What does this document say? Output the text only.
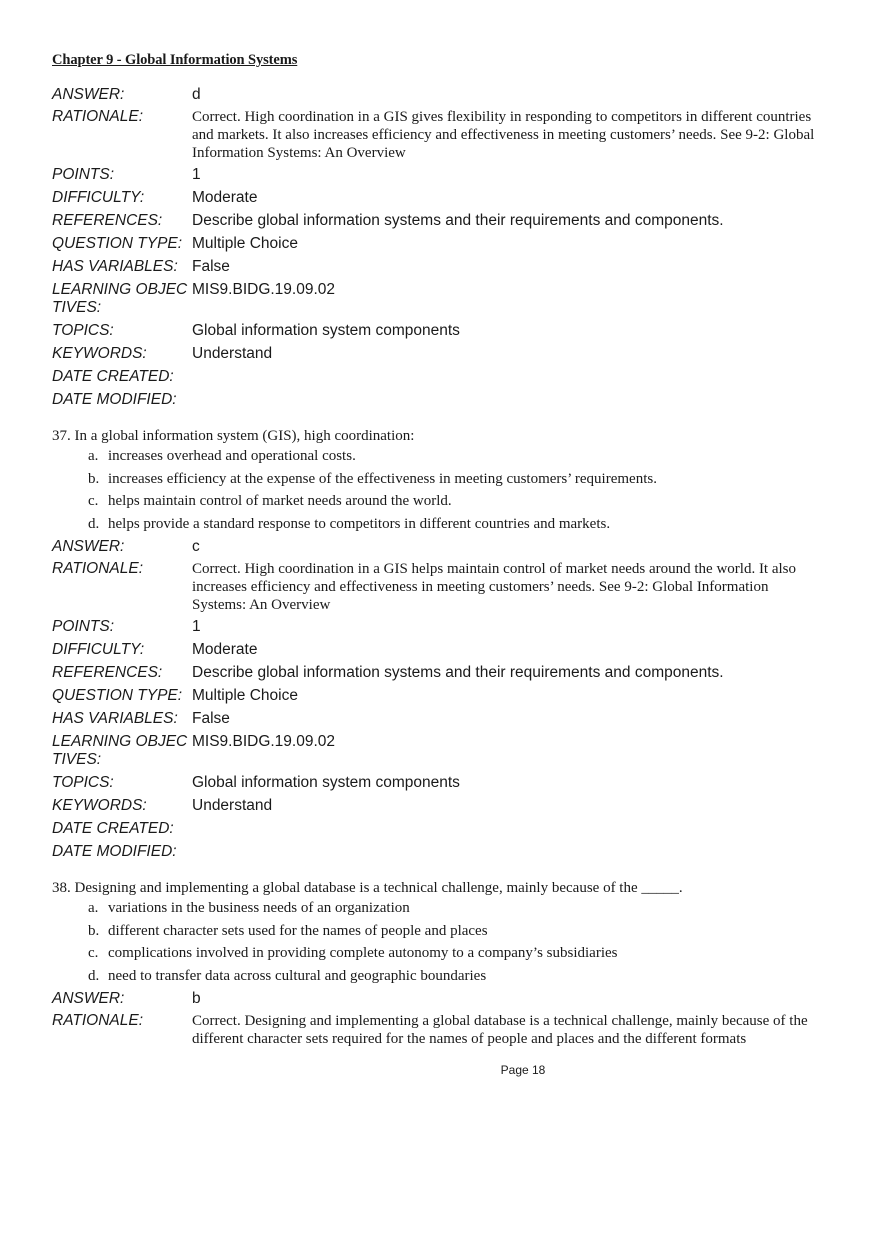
Chapter 9 - Global Information Systems
ANSWER:	d
RATIONALE:	Correct. High coordination in a GIS gives flexibility in responding to competitors in different countries and markets. It also increases efficiency and effectiveness in meeting customers’ needs. See 9-2: Global Information Systems: An Overview
POINTS:	1
DIFFICULTY:	Moderate
REFERENCES:	Describe global information systems and their requirements and components.
QUESTION TYPE: Multiple Choice
HAS VARIABLES: False
LEARNING OBJECTIVES:
MIS9.BIDG.19.09.02
TOPICS:	Global information system components
KEYWORDS:	Understand
DATE CREATED:
DATE MODIFIED:
37. In a global information system (GIS), high coordination:
a. increases overhead and operational costs.
b. increases efficiency at the expense of the effectiveness in meeting customers’ requirements.
c. helps maintain control of market needs around the world.
d. helps provide a standard response to competitors in different countries and markets.
ANSWER:	c
RATIONALE:	Correct. High coordination in a GIS helps maintain control of market needs around the world. It also increases efficiency and effectiveness in meeting customers’ needs. See 9-2: Global Information Systems: An Overview
POINTS:	1
DIFFICULTY:	Moderate
REFERENCES:	Describe global information systems and their requirements and components.
QUESTION TYPE: Multiple Choice
HAS VARIABLES: False
LEARNING OBJECTIVES:
MIS9.BIDG.19.09.02
TOPICS:	Global information system components
KEYWORDS:	Understand
DATE CREATED:
DATE MODIFIED:
38. Designing and implementing a global database is a technical challenge, mainly because of the _____.
a. variations in the business needs of an organization
b. different character sets used for the names of people and places
c. complications involved in providing complete autonomy to a company’s subsidiaries
d. need to transfer data across cultural and geographic boundaries
ANSWER:	b
RATIONALE:	Correct. Designing and implementing a global database is a technical challenge, mainly because of the different character sets required for the names of people and places and the different formats
Page 18
